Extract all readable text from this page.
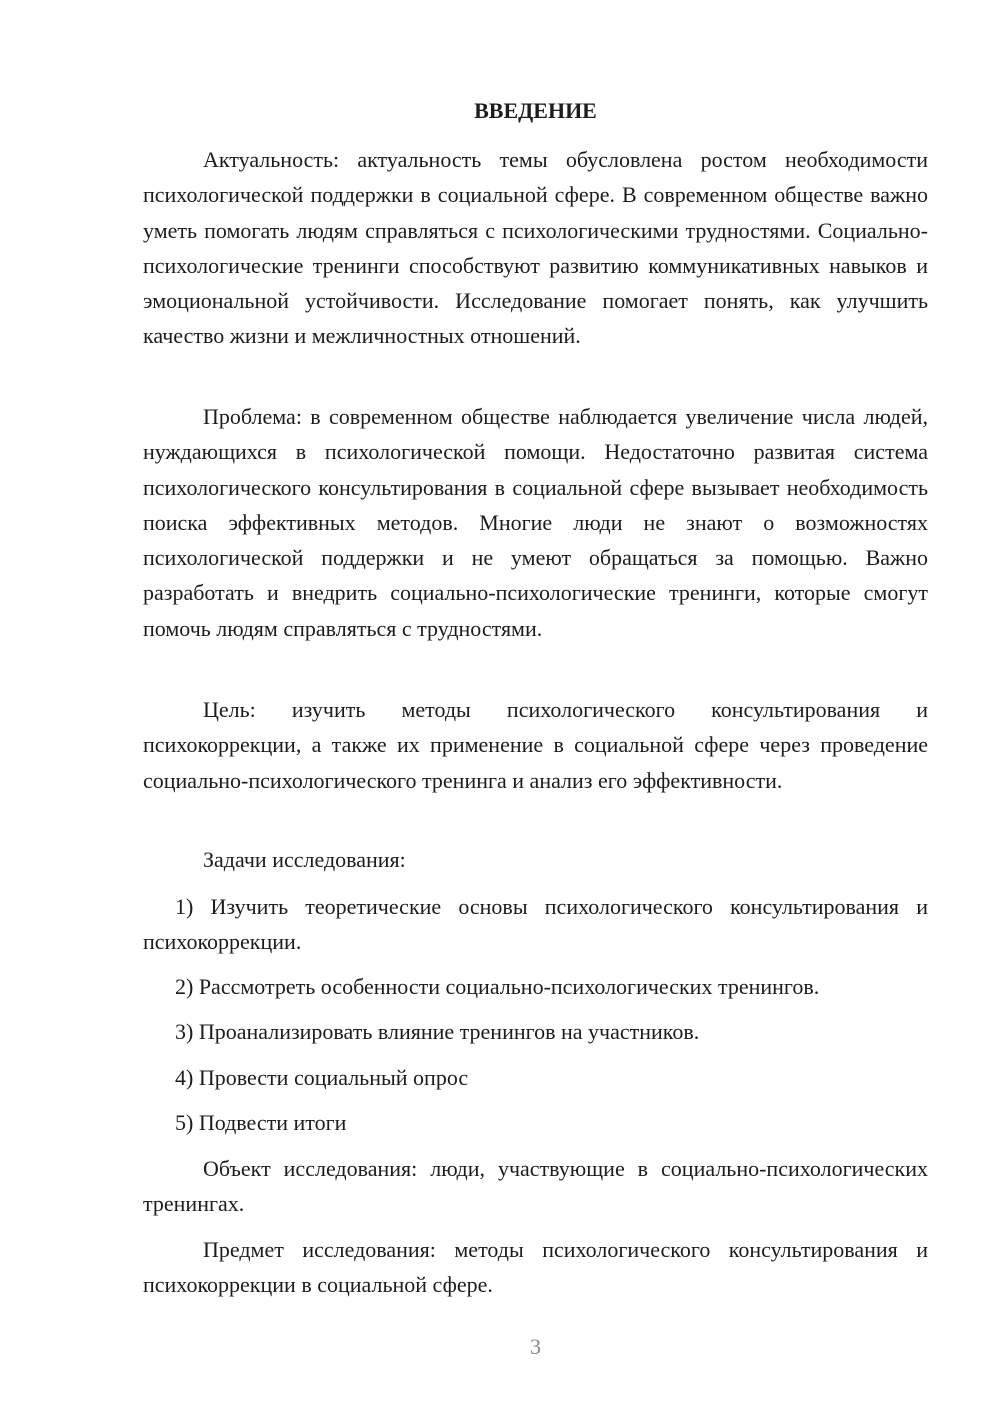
ВВЕДЕНИЕ

Актуальность: актуальность темы обусловлена ростом необходимости психологической поддержки в социальной сфере. В современном обществе важно уметь помогать людям справляться с психологическими трудностями. Социально-психологические тренинги способствуют развитию коммуникативных навыков и эмоциональной устойчивости. Исследование помогает понять, как улучшить качество жизни и межличностных отношений.

Проблема: в современном обществе наблюдается увеличение числа людей, нуждающихся в психологической помощи. Недостаточно развитая система психологического консультирования в социальной сфере вызывает необходимость поиска эффективных методов. Многие люди не знают о возможностях психологической поддержки и не умеют обращаться за помощью. Важно разработать и внедрить социально-психологические тренинги, которые смогут помочь людям справляться с трудностями.

Цель: изучить методы психологического консультирования и психокоррекции, а также их применение в социальной сфере через проведение социально-психологического тренинга и анализ его эффективности.

Задачи исследования:

1) Изучить теоретические основы психологического консультирования и психокоррекции.

2) Рассмотреть особенности социально-психологических тренингов.

3) Проанализировать влияние тренингов на участников.

4) Провести социальный опрос

5) Подвести итоги

Объект исследования: люди, участвующие в социально-психологических тренингах.

Предмет исследования: методы психологического консультирования и психокоррекции в социальной сфере.

3
